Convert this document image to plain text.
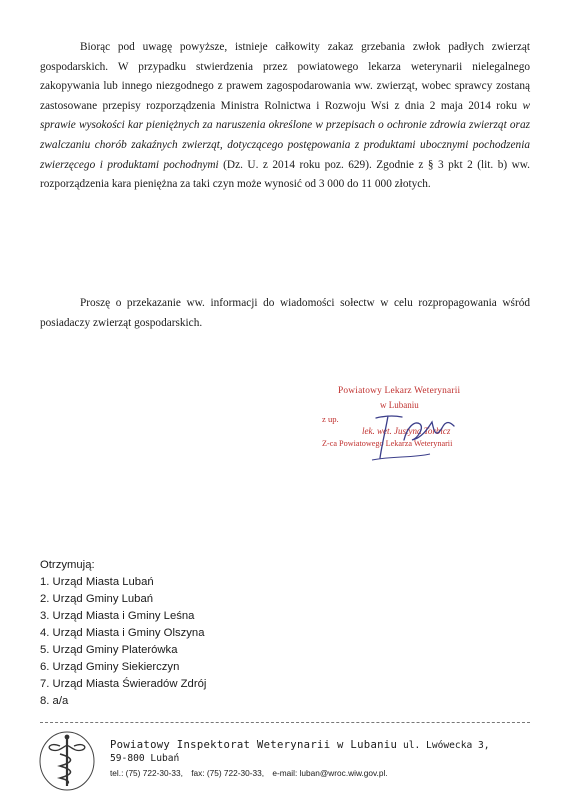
Biorąc pod uwagę powyższe, istnieje całkowity zakaz grzebania zwłok padłych zwierząt gospodarskich. W przypadku stwierdzenia przez powiatowego lekarza weterynarii nielegalnego zakopywania lub innego niezgodnego z prawem zagospodarowania ww. zwierząt, wobec sprawcy zostaną zastosowane przepisy rozporządzenia Ministra Rolnictwa i Rozwoju Wsi z dnia 2 maja 2014 roku w sprawie wysokości kar pieniężnych za naruszenia określone w przepisach o ochronie zdrowia zwierząt oraz zwalczaniu chorób zakaźnych zwierząt, dotyczącego postępowania z produktami ubocznymi pochodzenia zwierzęcego i produktami pochodnymi (Dz. U. z 2014 roku poz. 629). Zgodnie z § 3 pkt 2 (lit. b) ww. rozporządzenia kara pieniężna za taki czyn może wynosić od 3 000 do 11 000 złotych.

Proszę o przekazanie ww. informacji do wiadomości sołectw w celu rozpropagowania wśród posiadaczy zwierząt gospodarskich.

Powiatowy Lekarz Weterynarii
w Lubaniu
z up.
lek. wet. Justyna Torbicz
Z-ca Powiatowego Lekarza Weterynarii
Otrzymują:
1. Urząd Miasta Lubań
2. Urząd Gminy Lubań
3. Urząd Miasta i Gminy Leśna
4. Urząd Miasta i Gminy Olszyna
5. Urząd Gminy Platerówka
6. Urząd Gminy Siekierczyn
7. Urząd Miasta Świeradów Zdrój
8. a/a
Powiatowy Inspektorat Weterynarii w Lubaniu ul. Lwówecka 3,
59-800 Lubań
tel.: (75) 722-30-33, fax: (75) 722-30-33, e-mail: luban@wroc.wiw.gov.pl.
